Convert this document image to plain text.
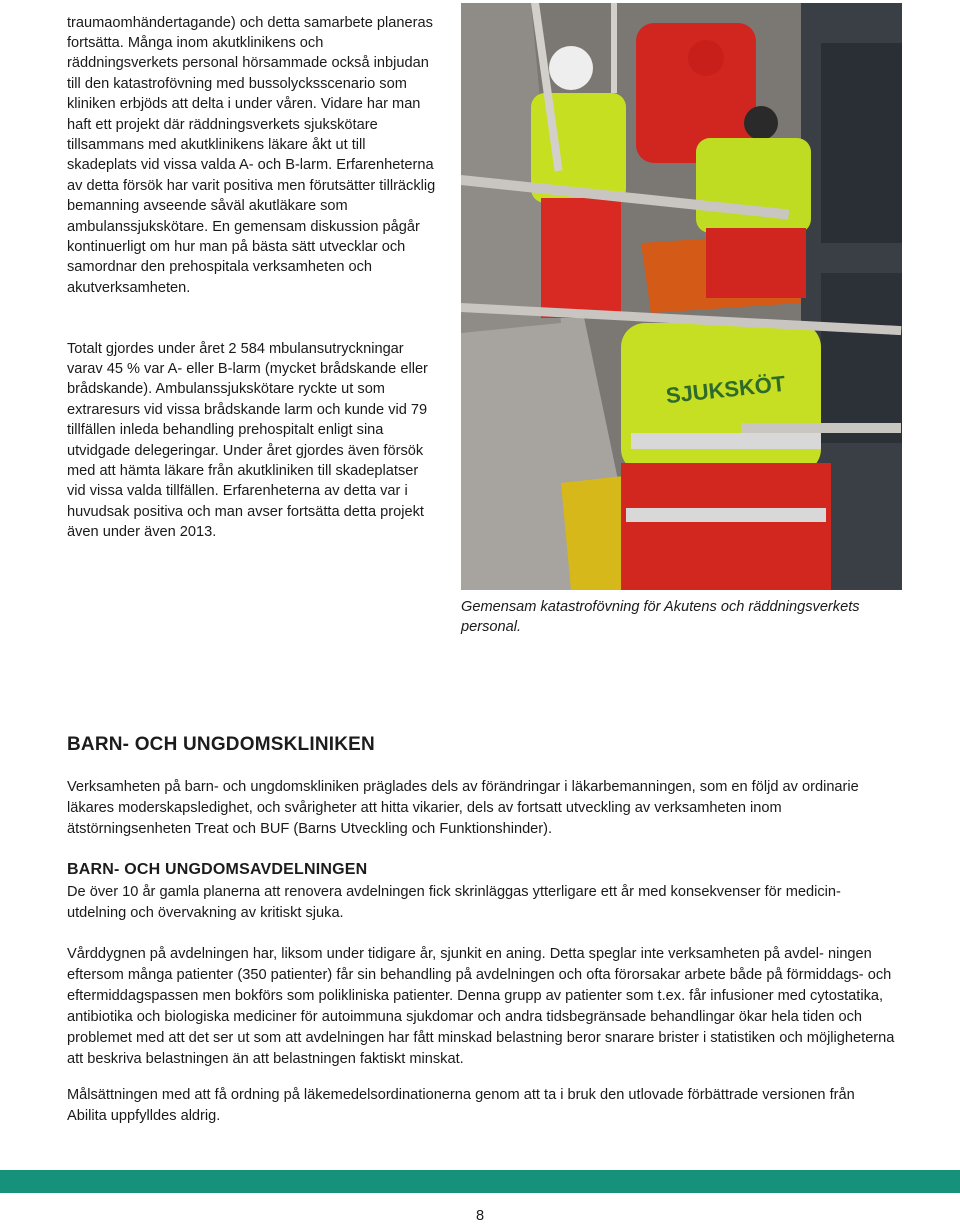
traumaomhändertagande) och detta samarbete planeras fortsätta. Många inom akutklinikens och räddningsverkets personal hörsammade också inbjudan till den katastrofövning med bussolycksscenario som kliniken erbjöds att delta i under våren. Vidare har man haft ett projekt där räddningsverkets sjukskötare tillsammans med akutklinikens läkare åkt ut till skadeplats vid vissa valda A- och B-larm. Erfarenheterna av detta försök har varit positiva men förutsätter tillräcklig bemanning avseende såväl akutläkare som ambulanssjukskötare. En gemensam diskussion pågår kontinuerligt om hur man på bästa sätt utvecklar och samordnar den prehospitala verksamheten och akutverksamheten.

Totalt gjordes under året 2 584 mbulansutryckningar varav 45 % var A- eller B-larm (mycket brådskande eller brådskande). Ambulanssjukskötare ryckte ut som extraresurs vid vissa brådskande larm och kunde vid 79 tillfällen inleda behandling prehospitalt enligt sina utvidgade delegeringar. Under året gjordes även försök med att hämta läkare från akutkliniken till skadeplatser vid vissa valda tillfällen. Erfarenheterna av detta var i huvudsak positiva och man avser fortsätta detta projekt även under även 2013.

SJUKSKÖT

Gemensam katastrofövning för Akutens och räddningsverkets personal.

BARN- OCH UNGDOMSKLINIKEN

Verksamheten på barn- och ungdomskliniken präglades dels av förändringar i läkarbemanningen, som en följd av ordinarie läkares moderskapsledighet, och svårigheter att hitta vikarier, dels av fortsatt utveckling av verksamheten inom ätstörningsenheten Treat och BUF (Barns Utveckling och Funktionshinder).

BARN- OCH UNGDOMSAVDELNINGEN

De över 10 år gamla planerna att renovera avdelningen fick skrinläggas ytterligare ett år med konsekvenser för medicin- utdelning och övervakning av kritiskt sjuka.

Vårddygnen på avdelningen har, liksom under tidigare år, sjunkit en aning. Detta speglar inte verksamheten på avdel- ningen eftersom många patienter (350 patienter) får sin behandling på avdelningen och ofta förorsakar arbete både på förmiddags- och eftermiddagspassen men bokförs som polikliniska patienter. Denna grupp av patienter som t.ex. får infusioner med cytostatika, antibiotika och biologiska mediciner för autoimmuna sjukdomar och andra tidsbegränsade behandlingar ökar hela tiden och problemet med att det ser ut som att avdelningen har fått minskad belastning beror snarare brister i statistiken och möjligheterna att beskriva belastningen än att belastningen faktiskt minskat.

Målsättningen med att få ordning på läkemedelsordinationerna genom att ta i bruk den utlovade förbättrade versionen från Abilita uppfylldes aldrig.

8
